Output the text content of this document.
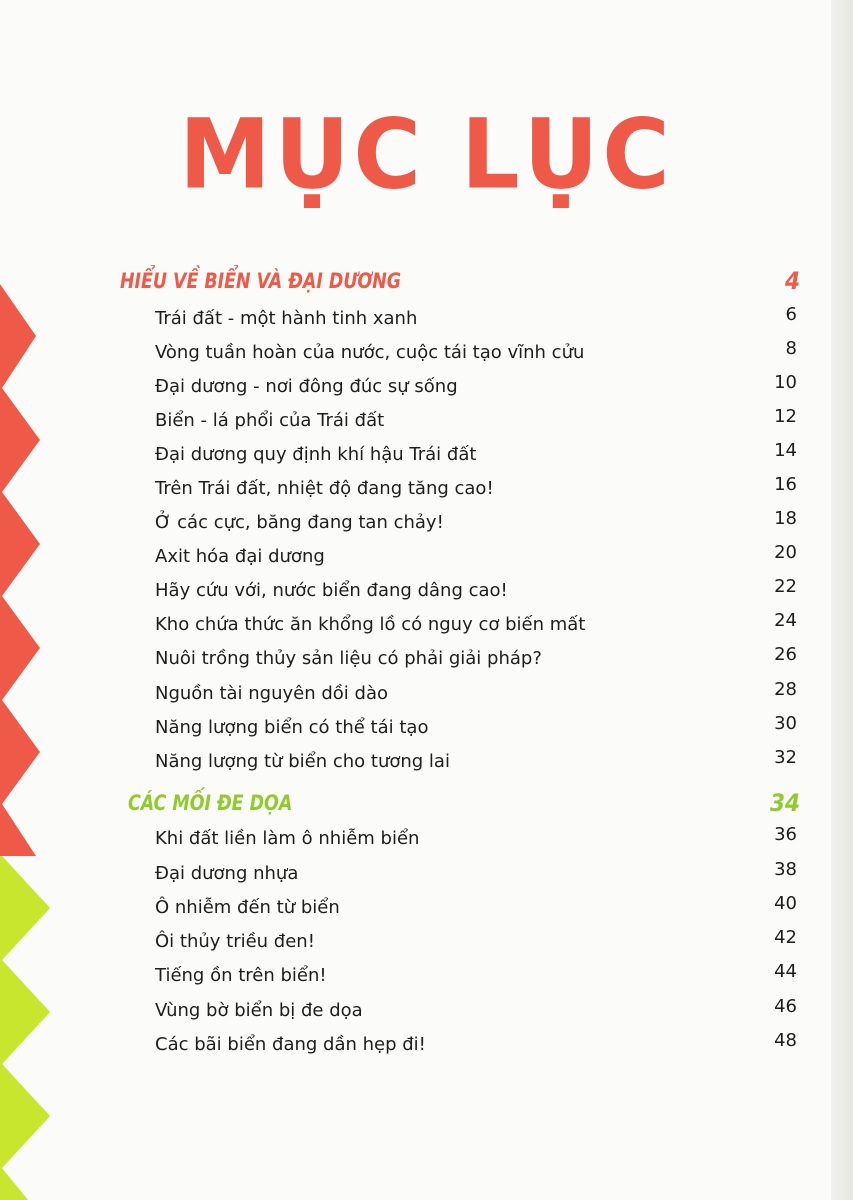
MỤC LỤC
HIỂU VỀ BIỂN VÀ ĐẠI DƯƠNG	4
Trái đất - một hành tinh xanh	6
Vòng tuần hoàn của nước, cuộc tái tạo vĩnh cửu	8
Đại dương - nơi đông đúc sự sống	10
Biển - lá phổi của Trái đất	12
Đại dương quy định khí hậu Trái đất	14
Trên Trái đất, nhiệt độ đang tăng cao!	16
Ở các cực, băng đang tan chảy!	18
Axit hóa đại dương	20
Hãy cứu với, nước biển đang dâng cao!	22
Kho chứa thức ăn khổng lồ có nguy cơ biến mất	24
Nuôi trồng thủy sản liệu có phải giải pháp?	26
Nguồn tài nguyên dồi dào	28
Năng lượng biển có thể tái tạo	30
Năng lượng từ biển cho tương lai	32
CÁC MỐI ĐE DỌA	34
Khi đất liền làm ô nhiễm biển	36
Đại dương nhựa	38
Ô nhiễm đến từ biển	40
Ôi thủy triều đen!	42
Tiếng ồn trên biển!	44
Vùng bờ biển bị đe dọa	46
Các bãi biển đang dần hẹp đi!	48
